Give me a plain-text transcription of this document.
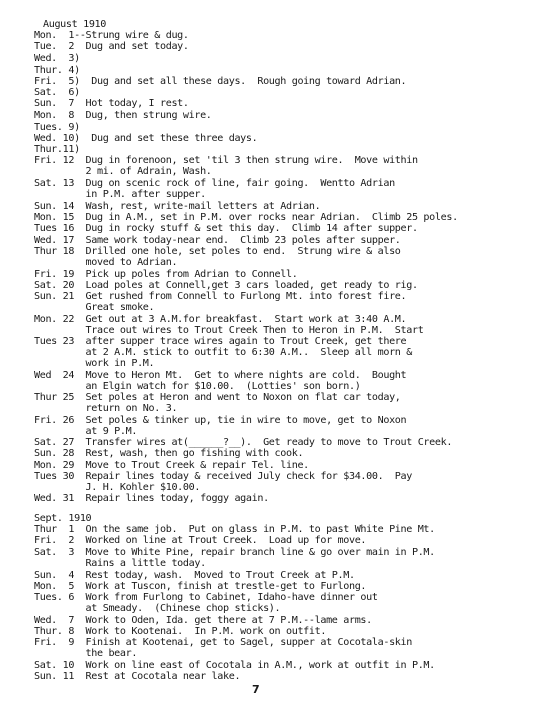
August 1910
Mon.  1--Strung wire & dug.
Tue.  2  Dug and set today.
Wed.  3)
Thur. 4)
Fri.  5)  Dug and set all these days.  Rough going toward Adrian.
Sat.  6)
Sun.  7  Hot today, I rest.
Mon.  8  Dug, then strung wire.
Tues. 9)
Wed. 10)  Dug and set these three days.
Thur.11)
Fri. 12  Dug in forenoon, set 'til 3 then strung wire.  Move within
2 mi. of Adrain, Wash.
Sat. 13  Dug on scenic rock of line, fair going.  Wentto Adrian
in P.M. after supper.
Sun. 14  Wash, rest, write-mail letters at Adrian.
Mon. 15  Dug in A.M., set in P.M. over rocks near Adrian.  Climb 25 poles.
Tues 16  Dug in rocky stuff & set this day.  Climb 14 after supper.
Wed. 17  Same work today-near end.  Climb 23 poles after supper.
Thur 18  Drilled one hole, set poles to end.  Strung wire & also
moved to Adrian.
Fri. 19  Pick up poles from Adrian to Connell.
Sat. 20  Load poles at Connell,get 3 cars loaded, get ready to rig.
Sun. 21  Get rushed from Connell to Furlong Mt. into forest fire.
Great smoke.
Mon. 22  Get out at 3 A.M.for breakfast.  Start work at 3:40 A.M.
Trace out wires to Trout Creek Then to Heron in P.M.  Start
Tues 23  after supper trace wires again to Trout Creek, get there
at 2 A.M. stick to outfit to 6:30 A.M..  Sleep all morn &
work in P.M.
Wed  24  Move to Heron Mt.  Get to where nights are cold.  Bought
an Elgin watch for $10.00.  (Lotties' son born.)
Thur 25  Set poles at Heron and went to Noxon on flat car today,
return on No. 3.
Fri. 26  Set poles & tinker up, tie in wire to move, get to Noxon
at 9 P.M.
Sat. 27  Transfer wires at(______?__).  Get ready to move to Trout Creek.
Sun. 28  Rest, wash, then go fishing with cook.
Mon. 29  Move to Trout Creek & repair Tel. line.
Tues 30  Repair lines today & received July check for $34.00.  Pay
J. H. Kohler $10.00.
Wed. 31  Repair lines today, foggy again.
Sept. 1910
Thur  1  On the same job.  Put on glass in P.M. to past White Pine Mt.
Fri.  2  Worked on line at Trout Creek.  Load up for move.
Sat.  3  Move to White Pine, repair branch line & go over main in P.M.
Rains a little today.
Sun.  4  Rest today, wash.  Moved to Trout Creek at P.M.
Mon.  5  Work at Tuscon, finish at trestle-get to Furlong.
Tues. 6  Work from Furlong to Cabinet, Idaho-have dinner out
at Smeady.  (Chinese chop sticks).
Wed.  7  Work to Oden, Ida. get there at 7 P.M.--lame arms.
Thur. 8  Work to Kootenai.  In P.M. work on outfit.
Fri.  9  Finish at Kootenai, get to Sagel, supper at Cocotala-skin
the bear.
Sat. 10  Work on line east of Cocotala in A.M., work at outfit in P.M.
Sun. 11  Rest at Cocotala near lake.
7
